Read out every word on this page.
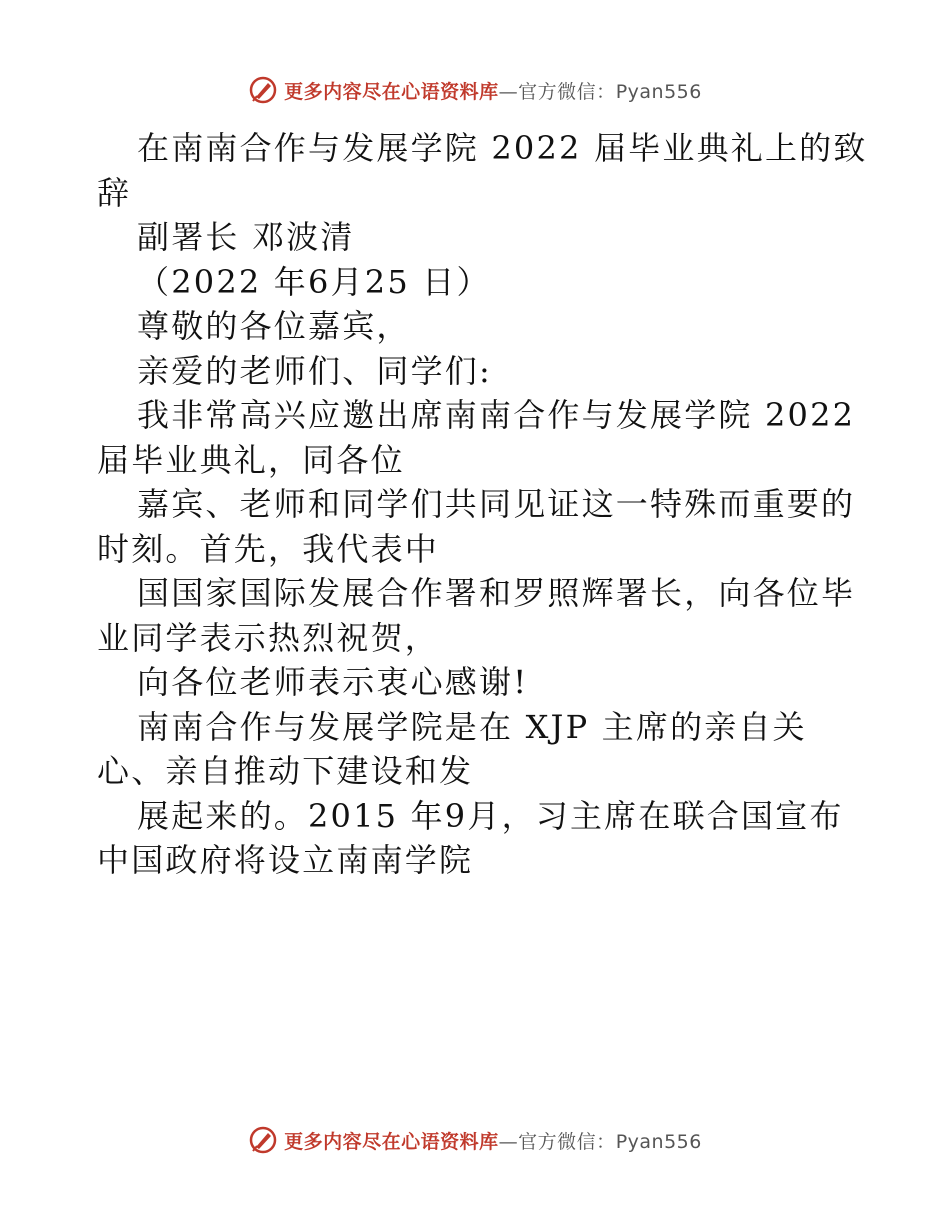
更多内容尽在心语资料库—官方微信：Pyan556
在南南合作与发展学院 2022 届毕业典礼上的致
辞
副署长 邓波清
（2022 年6月25 日）
尊敬的各位嘉宾，
亲爱的老师们、同学们:
我非常高兴应邀出席南南合作与发展学院 2022
届毕业典礼，同各位
嘉宾、老师和同学们共同见证这一特殊而重要的
时刻。首先，我代表中
国国家国际发展合作署和罗照辉署长，向各位毕
业同学表示热烈祝贺，
向各位老师表示衷心感谢!
南南合作与发展学院是在 XJP 主席的亲自关
心、亲自推动下建设和发
展起来的。2015 年9月，习主席在联合国宣布
中国政府将设立南南学院
更多内容尽在心语资料库—官方微信：Pyan556
